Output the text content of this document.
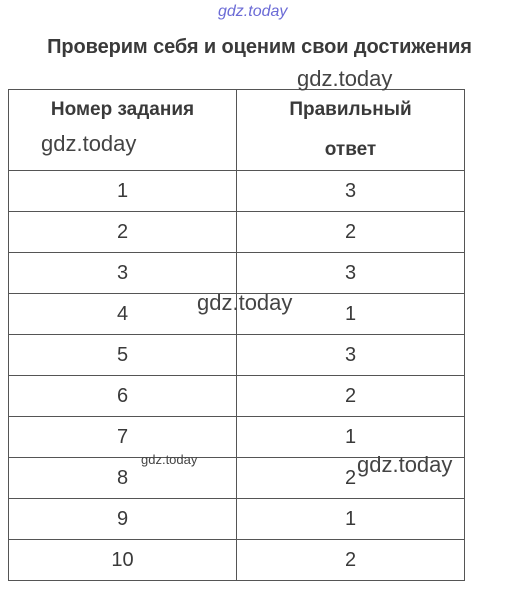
gdz.today
Проверим себя и оценим свои достижения
Номер задания	Правильный
ответ

1	3
2	2
3	3
4	1
5	3
6	2
7	1
8	2
9	1
10	2
gdz.today
gdz.today
gdz.today
gdz.today	gdz.today
